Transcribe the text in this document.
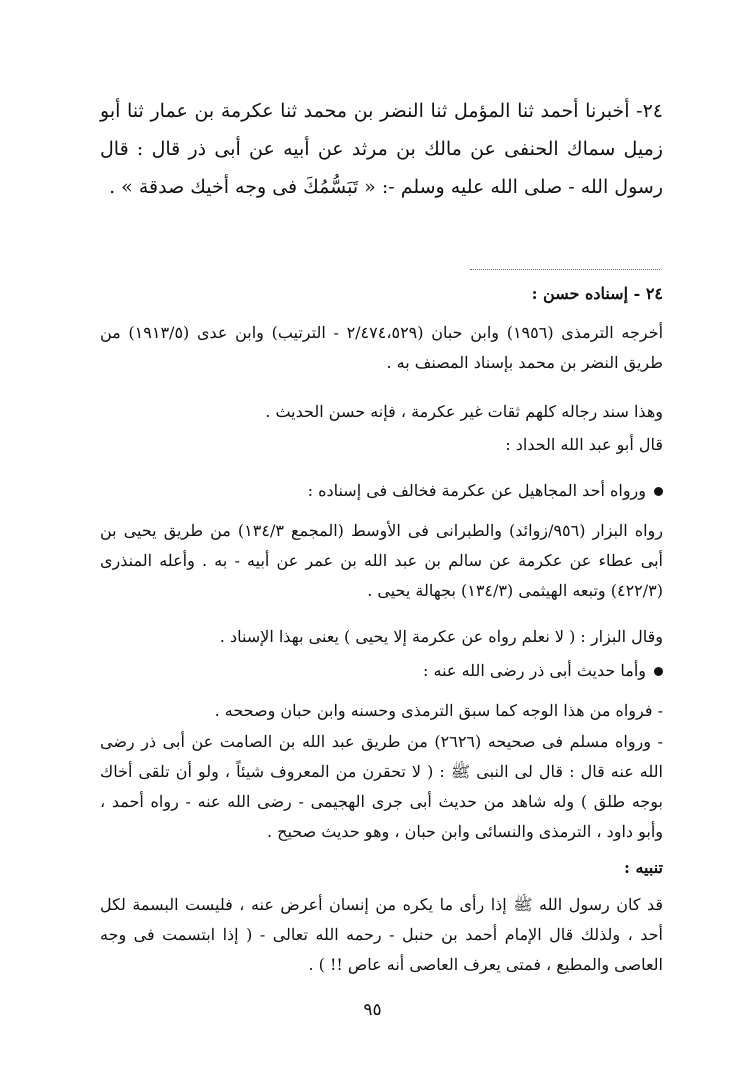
٢٤- أخبرنا أحمد ثنا المؤمل ثنا النضر بن محمد ثنا عكرمة بن عمار ثنا أبو زميل سماك الحنفى عن مالك بن مرثد عن أبيه عن أبى ذر قال : قال رسول الله - صلى الله عليه وسلم -: « تَبَسُّمُكَ فى وجه أخيك صدقة » .
٢٤ - إسناده حسن :
أخرجه الترمذى (١٩٥٦) وابن حبان (٢/٤٧٤،٥٢٩ - الترتيب) وابن عدى (١٩١٣/٥) من طريق النضر بن محمد بإسناد المصنف به .
وهذا سند رجاله كلهم ثقات غير عكرمة ، فإنه حسن الحديث .
قال أبو عبد الله الحداد :
ورواه أحد المجاهيل عن عكرمة فخالف فى إسناده :
رواه البزار (٩٥٦/زوائد) والطبرانى فى الأوسط (المجمع ١٣٤/٣) من طريق يحيى بن أبى عطاء عن عكرمة عن سالم بن عبد الله بن عمر عن أبيه - به . وأعله المنذرى (٤٢٢/٣) وتبعه الهيثمى (١٣٤/٣) بجهالة يحيى .
وقال البزار : ( لا نعلم رواه عن عكرمة إلا يحيى ) يعنى بهذا الإسناد .
وأما حديث أبى ذر رضى الله عنه :
- فرواه من هذا الوجه كما سبق الترمذى وحسنه وابن حبان وصححه .
- ورواه مسلم فى صحيحه (٢٦٢٦) من طريق عبد الله بن الصامت عن أبى ذر رضى الله عنه قال : قال لى النبى ﷺ : ( لا تحقرن من المعروف شيئاً ، ولو أن تلقى أخاك بوجه طلق ) وله شاهد من حديث أبى جرى الهجيمى - رضى الله عنه - رواه أحمد ، وأبو داود ، الترمذى والنسائى وابن حبان ، وهو حديث صحيح .
تنبيه :
قد كان رسول الله ﷺ إذا رأى ما يكره من إنسان أعرض عنه ، فليست البسمة لكل أحد ، ولذلك قال الإمام أحمد بن حنبل - رحمه الله تعالى - ( إذا ابتسمت فى وجه العاصى والمطيع ، فمتى يعرف العاصى أنه عاص !! ) .
٩٥
